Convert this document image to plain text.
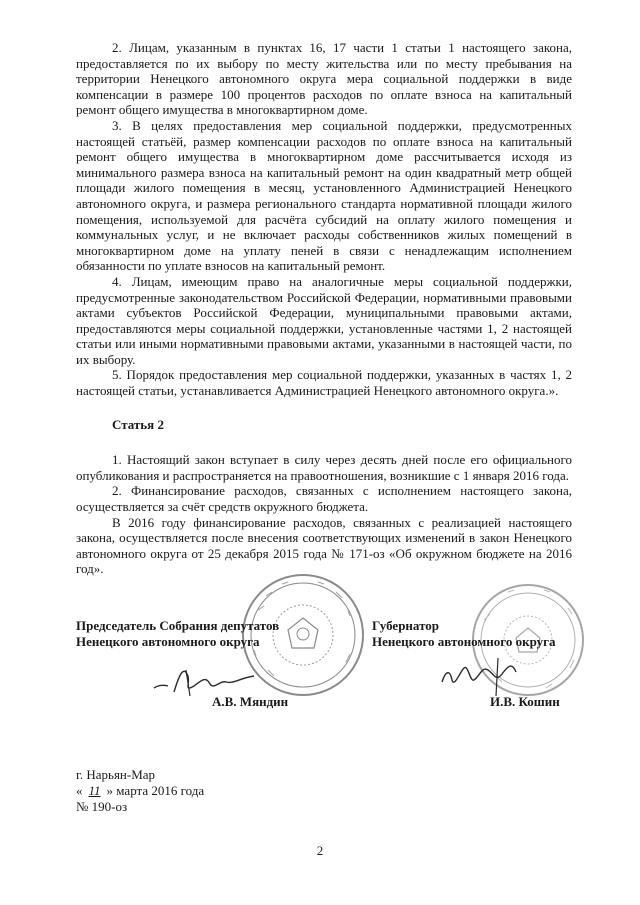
2. Лицам, указанным в пунктах 16, 17 части 1 статьи 1 настоящего закона, предоставляется по их выбору по месту жительства или по месту пребывания на территории Ненецкого автономного округа мера социальной поддержки в виде компенсации в размере 100 процентов расходов по оплате взноса на капитальный ремонт общего имущества в многоквартирном доме.

3. В целях предоставления мер социальной поддержки, предусмотренных настоящей статьёй, размер компенсации расходов по оплате взноса на капитальный ремонт общего имущества в многоквартирном доме рассчитывается исходя из минимального размера взноса на капитальный ремонт на один квадратный метр общей площади жилого помещения в месяц, установленного Администрацией Ненецкого автономного округа, и размера регионального стандарта нормативной площади жилого помещения, используемой для расчёта субсидий на оплату жилого помещения и коммунальных услуг, и не включает расходы собственников жилых помещений в многоквартирном доме на уплату пеней в связи с ненадлежащим исполнением обязанности по уплате взносов на капитальный ремонт.

4. Лицам, имеющим право на аналогичные меры социальной поддержки, предусмотренные законодательством Российской Федерации, нормативными правовыми актами субъектов Российской Федерации, муниципальными правовыми актами, предоставляются меры социальной поддержки, установленные частями 1, 2 настоящей статьи или иными нормативными правовыми актами, указанными в настоящей части, по их выбору.

5. Порядок предоставления мер социальной поддержки, указанных в частях 1, 2 настоящей статьи, устанавливается Администрацией Ненецкого автономного округа.».

Статья 2

1. Настоящий закон вступает в силу через десять дней после его официального опубликования и распространяется на правоотношения, возникшие с 1 января 2016 года.

2. Финансирование расходов, связанных с исполнением настоящего закона, осуществляется за счёт средств окружного бюджета.

В 2016 году финансирование расходов, связанных с реализацией настоящего закона, осуществляется после внесения соответствующих изменений в закон Ненецкого автономного округа от 25 декабря 2015 года № 171-оз «Об окружном бюджете на 2016 год».

Председатель Собрания депутатов
Ненецкого автономного округа
Губернатор
Ненецкого автономного округа
А.В. Мяндин	И.В. Кошин
г. Нарьян-Мар
« 11 » марта 2016 года
№ 190-оз
2
